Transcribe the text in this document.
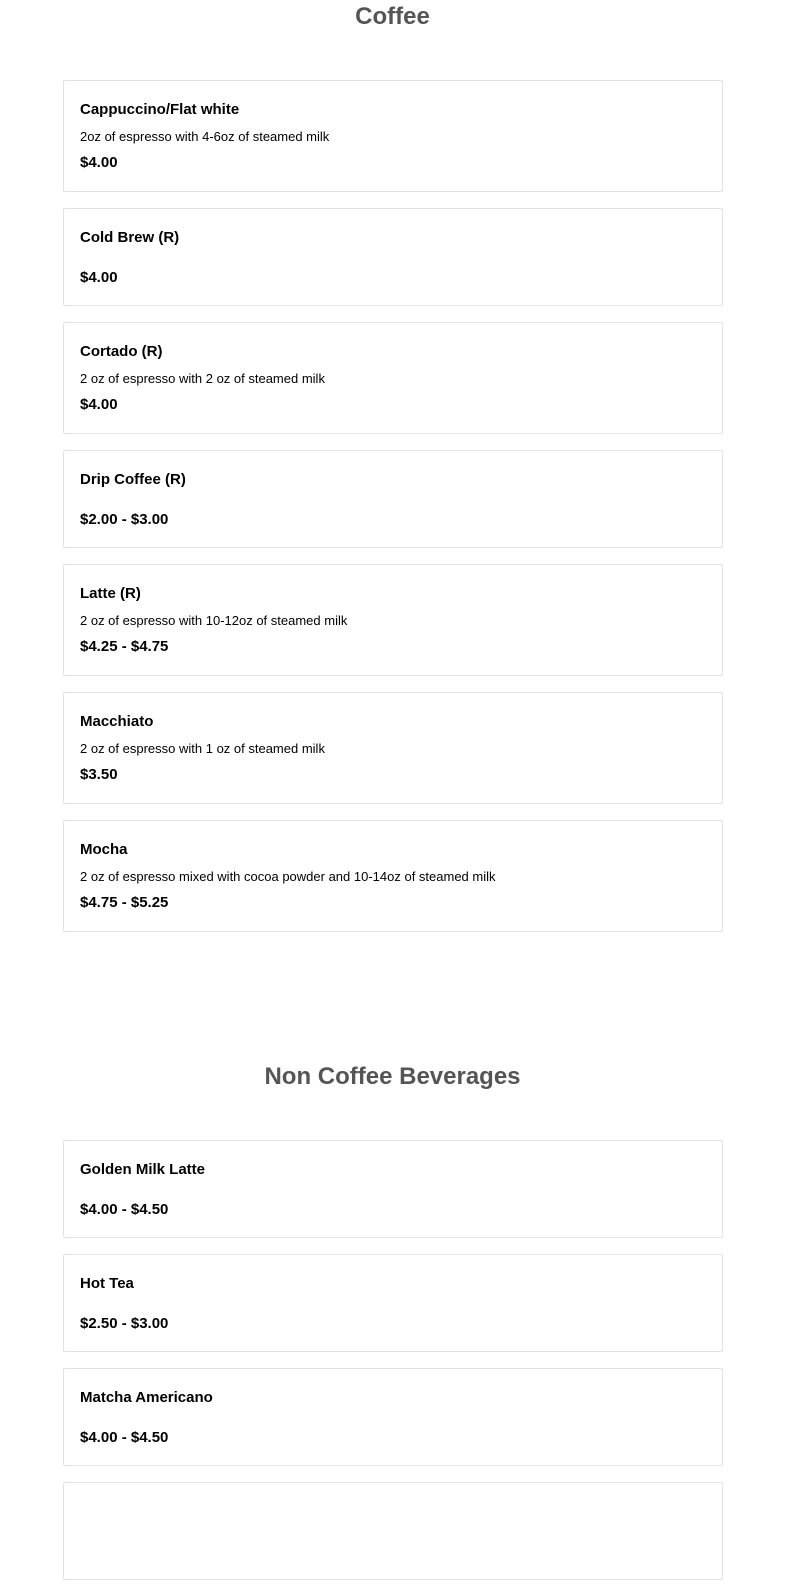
Coffee
Cappuccino/Flat white
2oz of espresso with 4-6oz of steamed milk
$4.00
Cold Brew (R)
$4.00
Cortado (R)
2 oz of espresso with 2 oz of steamed milk
$4.00
Drip Coffee (R)
$2.00 - $3.00
Latte (R)
2 oz of espresso with 10-12oz of steamed milk
$4.25 - $4.75
Macchiato
2 oz of espresso with 1 oz of steamed milk
$3.50
Mocha
2 oz of espresso mixed with cocoa powder and 10-14oz of steamed milk
$4.75 - $5.25
Non Coffee Beverages
Golden Milk Latte
$4.00 - $4.50
Hot Tea
$2.50 - $3.00
Matcha Americano
$4.00 - $4.50
